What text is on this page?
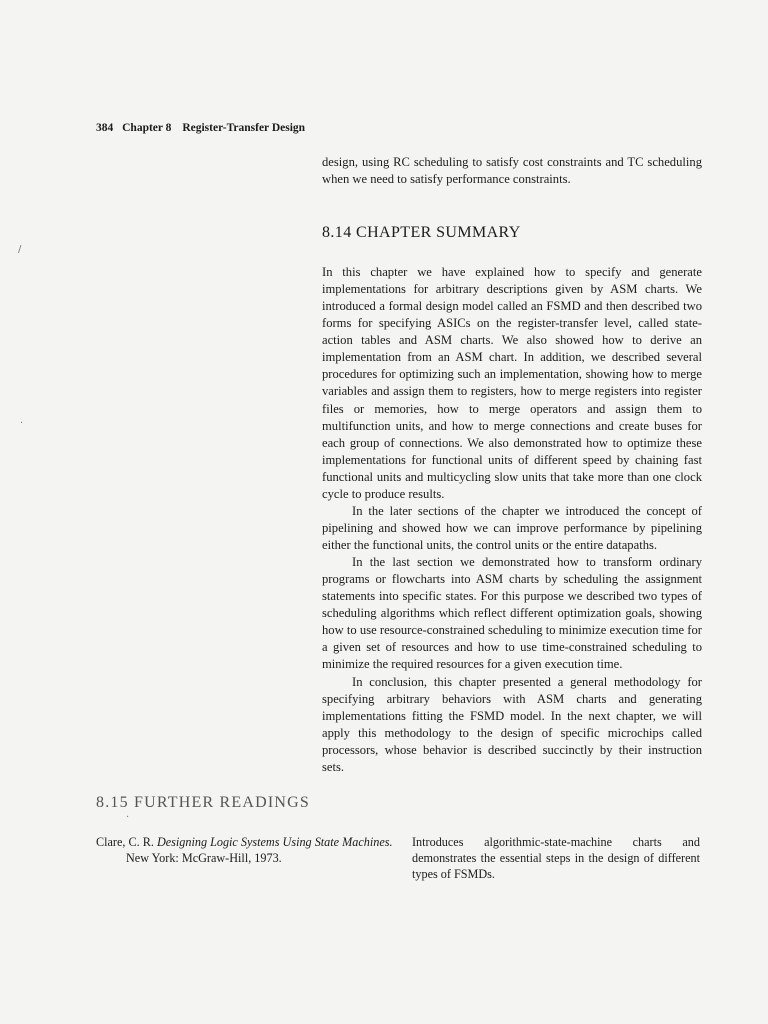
384 Chapter 8 Register-Transfer Design

design, using RC scheduling to satisfy cost constraints and TC scheduling when we need to satisfy performance constraints.

8.14 CHAPTER SUMMARY

In this chapter we have explained how to specify and generate implementations for arbitrary descriptions given by ASM charts. We introduced a formal design model called an FSMD and then described two forms for specifying ASICs on the register-transfer level, called state-action tables and ASM charts. We also showed how to derive an implementation from an ASM chart. In addition, we described several procedures for optimizing such an implementation, showing how to merge variables and assign them to registers, how to merge registers into register files or memories, how to merge operators and assign them to multifunction units, and how to merge connections and create buses for each group of connections. We also demonstrated how to optimize these implementations for functional units of different speed by chaining fast functional units and multicycling slow units that take more than one clock cycle to produce results.

In the later sections of the chapter we introduced the concept of pipelining and showed how we can improve performance by pipelining either the functional units, the control units or the entire datapaths.

In the last section we demonstrated how to transform ordinary programs or flowcharts into ASM charts by scheduling the assignment statements into specific states. For this purpose we described two types of scheduling algorithms which reflect different optimization goals, showing how to use resource-constrained scheduling to minimize execution time for a given set of resources and how to use time-constrained scheduling to minimize the required resources for a given execution time.

In conclusion, this chapter presented a general methodology for specifying arbitrary behaviors with ASM charts and generating implementations fitting the FSMD model. In the next chapter, we will apply this methodology to the design of specific microchips called processors, whose behavior is described succinctly by their instruction sets.

8.15 FURTHER READINGS
Clare, C. R. Designing Logic Systems Using State Machines.
New York: McGraw-Hill, 1973.
Introduces algorithmic-state-machine charts and demonstrates the essential steps in the design of different types of FSMDs.
/
·
·
